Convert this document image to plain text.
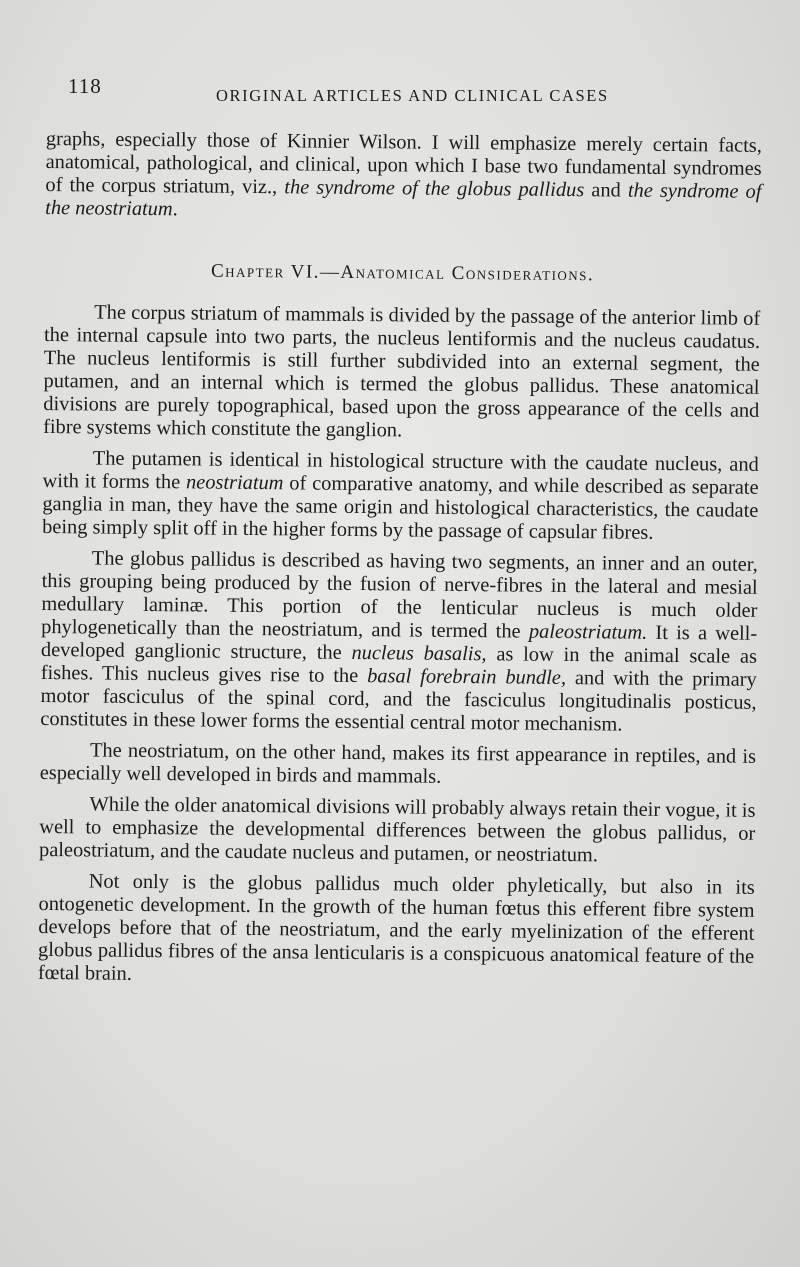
118	ORIGINAL ARTICLES AND CLINICAL CASES

graphs, especially those of Kinnier Wilson. I will emphasize merely certain facts, anatomical, pathological, and clinical, upon which I base two fundamental syndromes of the corpus striatum, viz., the syndrome of the globus pallidus and the syndrome of the neostriatum.

Chapter VI.—Anatomical Considerations.

The corpus striatum of mammals is divided by the passage of the anterior limb of the internal capsule into two parts, the nucleus lentiformis and the nucleus caudatus. The nucleus lentiformis is still further subdivided into an external segment, the putamen, and an internal which is termed the globus pallidus. These anatomical divisions are purely topographical, based upon the gross appearance of the cells and fibre systems which constitute the ganglion.

The putamen is identical in histological structure with the caudate nucleus, and with it forms the neostriatum of comparative anatomy, and while described as separate ganglia in man, they have the same origin and histological characteristics, the caudate being simply split off in the higher forms by the passage of capsular fibres.

The globus pallidus is described as having two segments, an inner and an outer, this grouping being produced by the fusion of nerve-fibres in the lateral and mesial medullary laminæ. This portion of the lenticular nucleus is much older phylogenetically than the neostriatum, and is termed the paleostriatum. It is a well-developed ganglionic structure, the nucleus basalis, as low in the animal scale as fishes. This nucleus gives rise to the basal forebrain bundle, and with the primary motor fasciculus of the spinal cord, and the fasciculus longitudinalis posticus, constitutes in these lower forms the essential central motor mechanism.

The neostriatum, on the other hand, makes its first appearance in reptiles, and is especially well developed in birds and mammals.

While the older anatomical divisions will probably always retain their vogue, it is well to emphasize the developmental differences between the globus pallidus, or paleostriatum, and the caudate nucleus and putamen, or neostriatum.

Not only is the globus pallidus much older phyletically, but also in its ontogenetic development. In the growth of the human fœtus this efferent fibre system develops before that of the neostriatum, and the early myelinization of the efferent globus pallidus fibres of the ansa lenticularis is a conspicuous anatomical feature of the fœtal brain.
